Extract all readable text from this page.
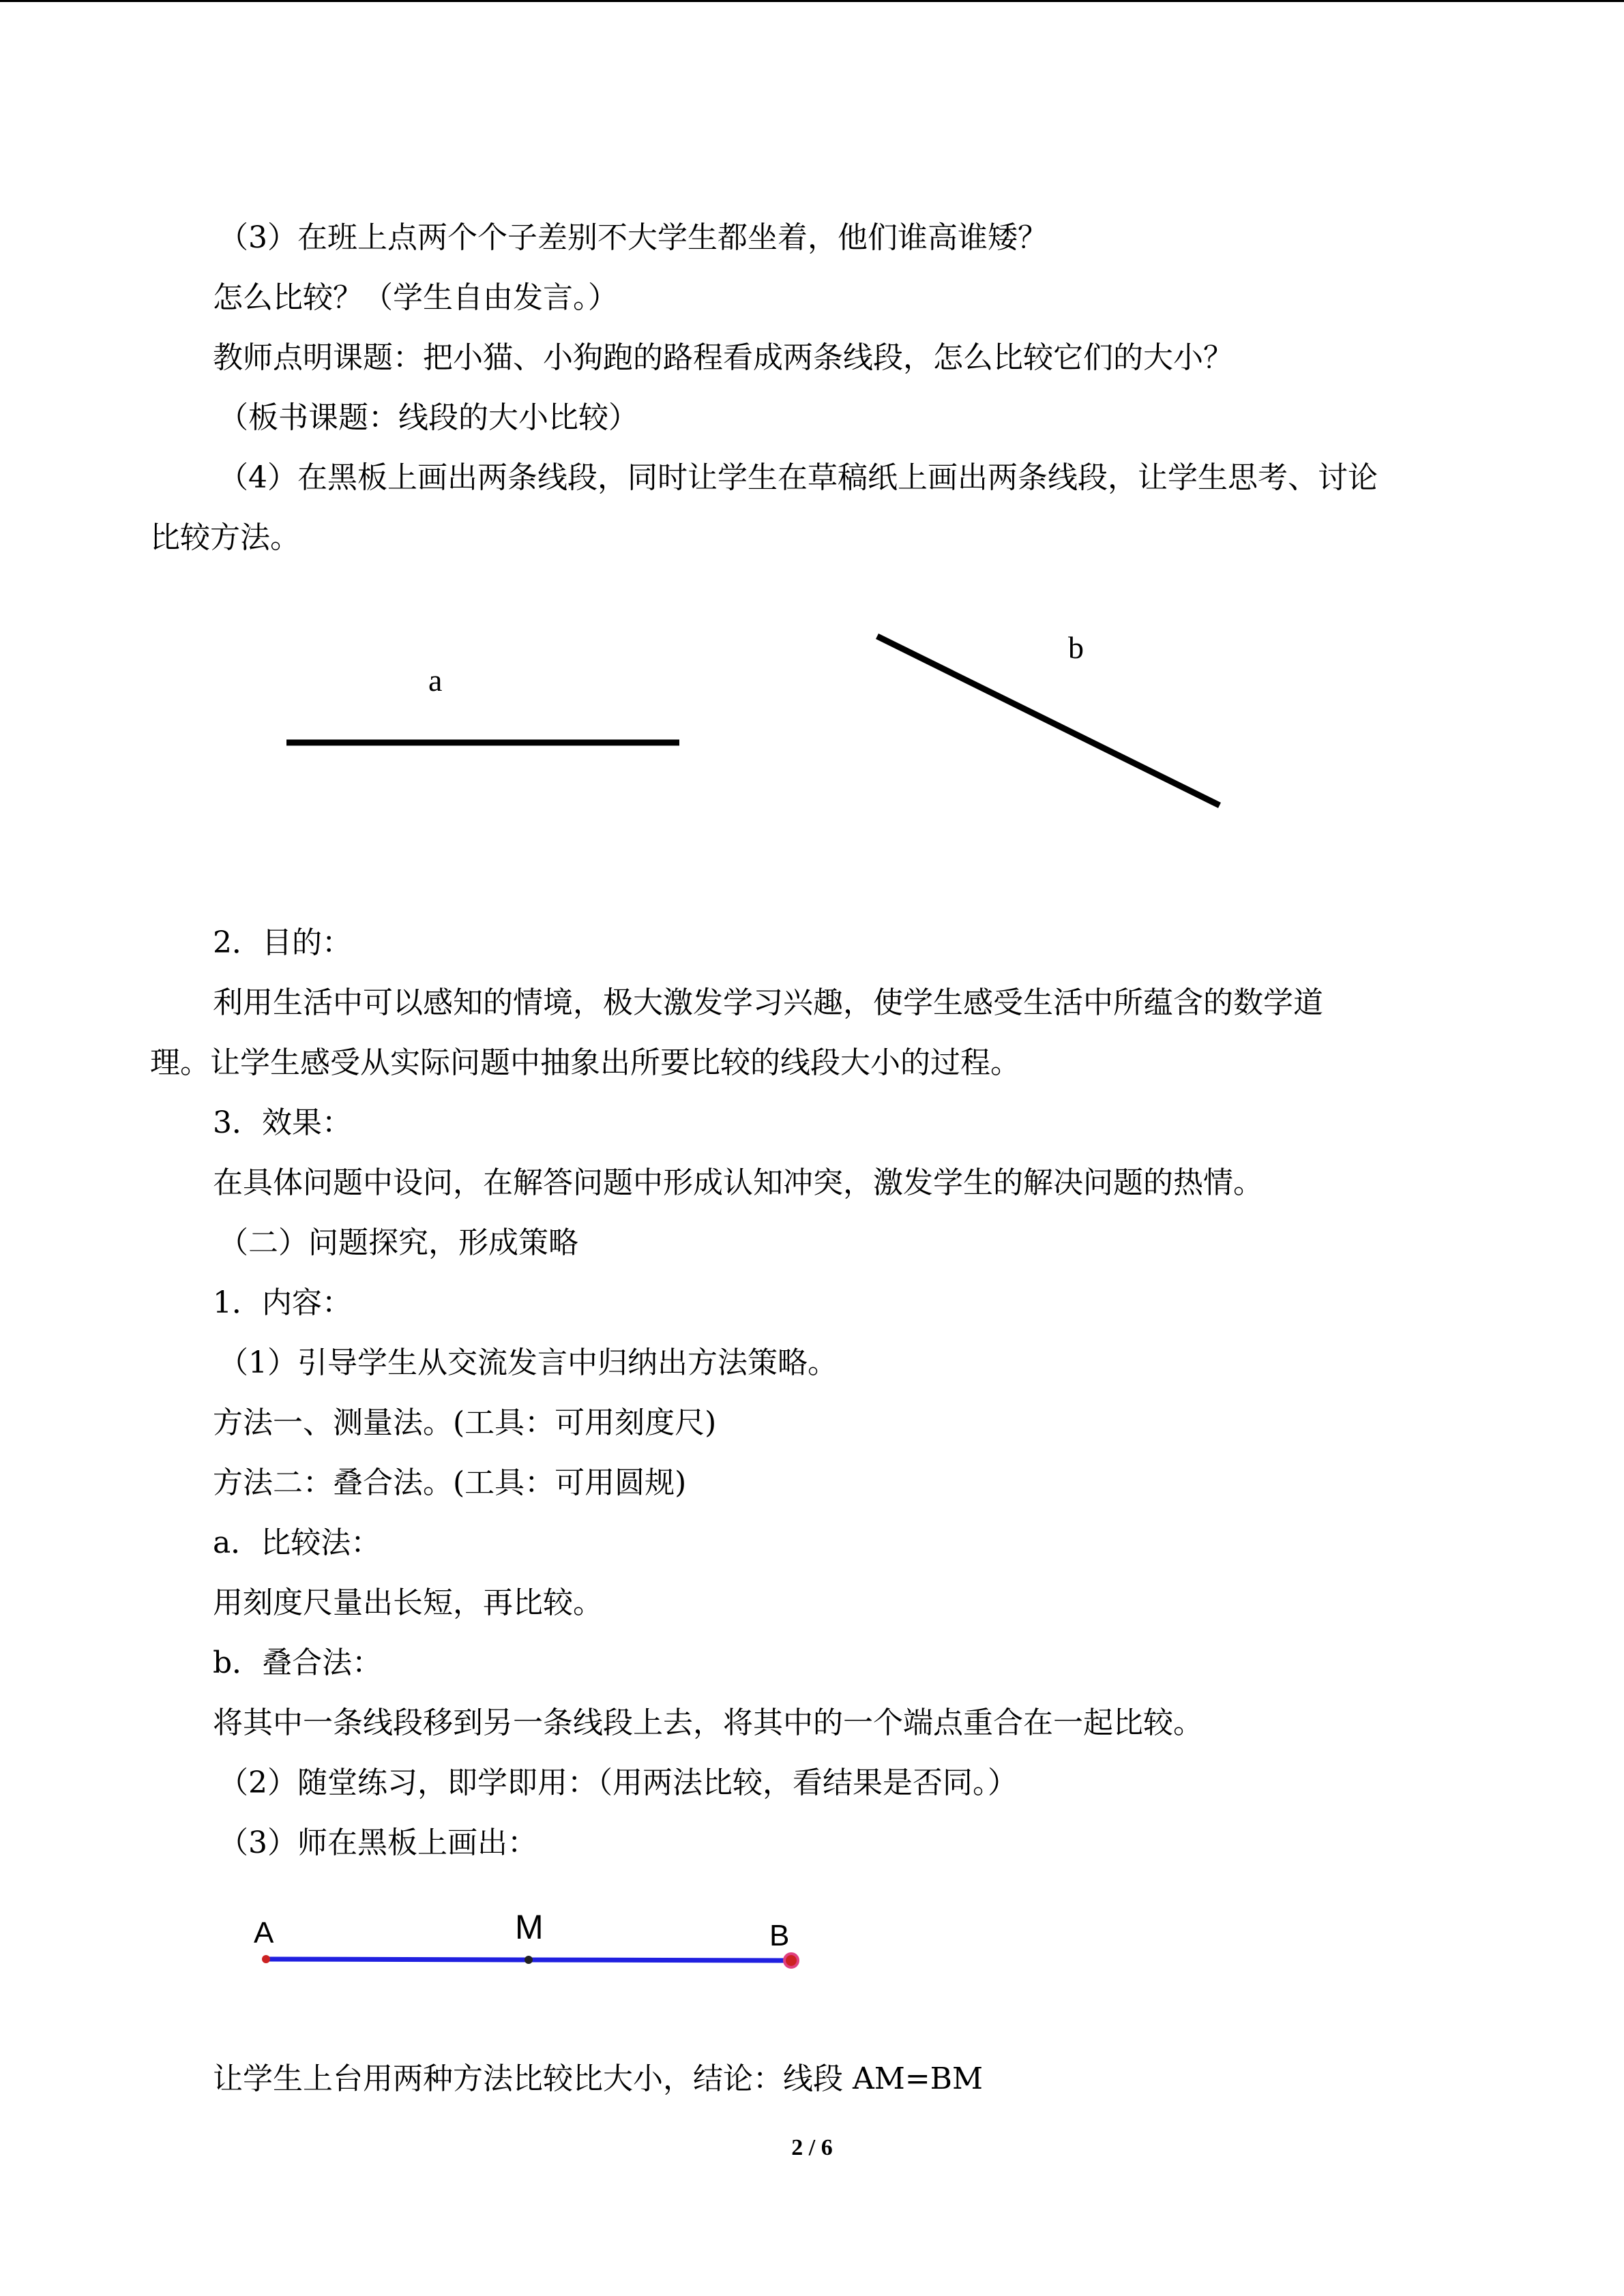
（3）在班上点两个个子差别不大学生都坐着，他们谁高谁矮？
怎么比较？（学生自由发言。）
教师点明课题：把小猫、小狗跑的路程看成两条线段，怎么比较它们的大小？
（板书课题：线段的大小比较）
（4）在黑板上画出两条线段，同时让学生在草稿纸上画出两条线段，让学生思考、讨论
比较方法。
a
b
2．目的：
利用生活中可以感知的情境，极大激发学习兴趣，使学生感受生活中所蕴含的数学道
理。让学生感受从实际问题中抽象出所要比较的线段大小的过程。
3．效果：
在具体问题中设问，在解答问题中形成认知冲突，激发学生的解决问题的热情。
（二）问题探究，形成策略
1．内容：
（1）引导学生从交流发言中归纳出方法策略。
方法一、测量法。(工具：可用刻度尺)
方法二：叠合法。(工具：可用圆规)
a．比较法：
用刻度尺量出长短，再比较。
b．叠合法：
将其中一条线段移到另一条线段上去，将其中的一个端点重合在一起比较。
（2）随堂练习，即学即用：（用两法比较，看结果是否同。）
（3）师在黑板上画出：
A	M	B
让学生上台用两种方法比较比大小，结论：线段 AM=BM
2 / 6
